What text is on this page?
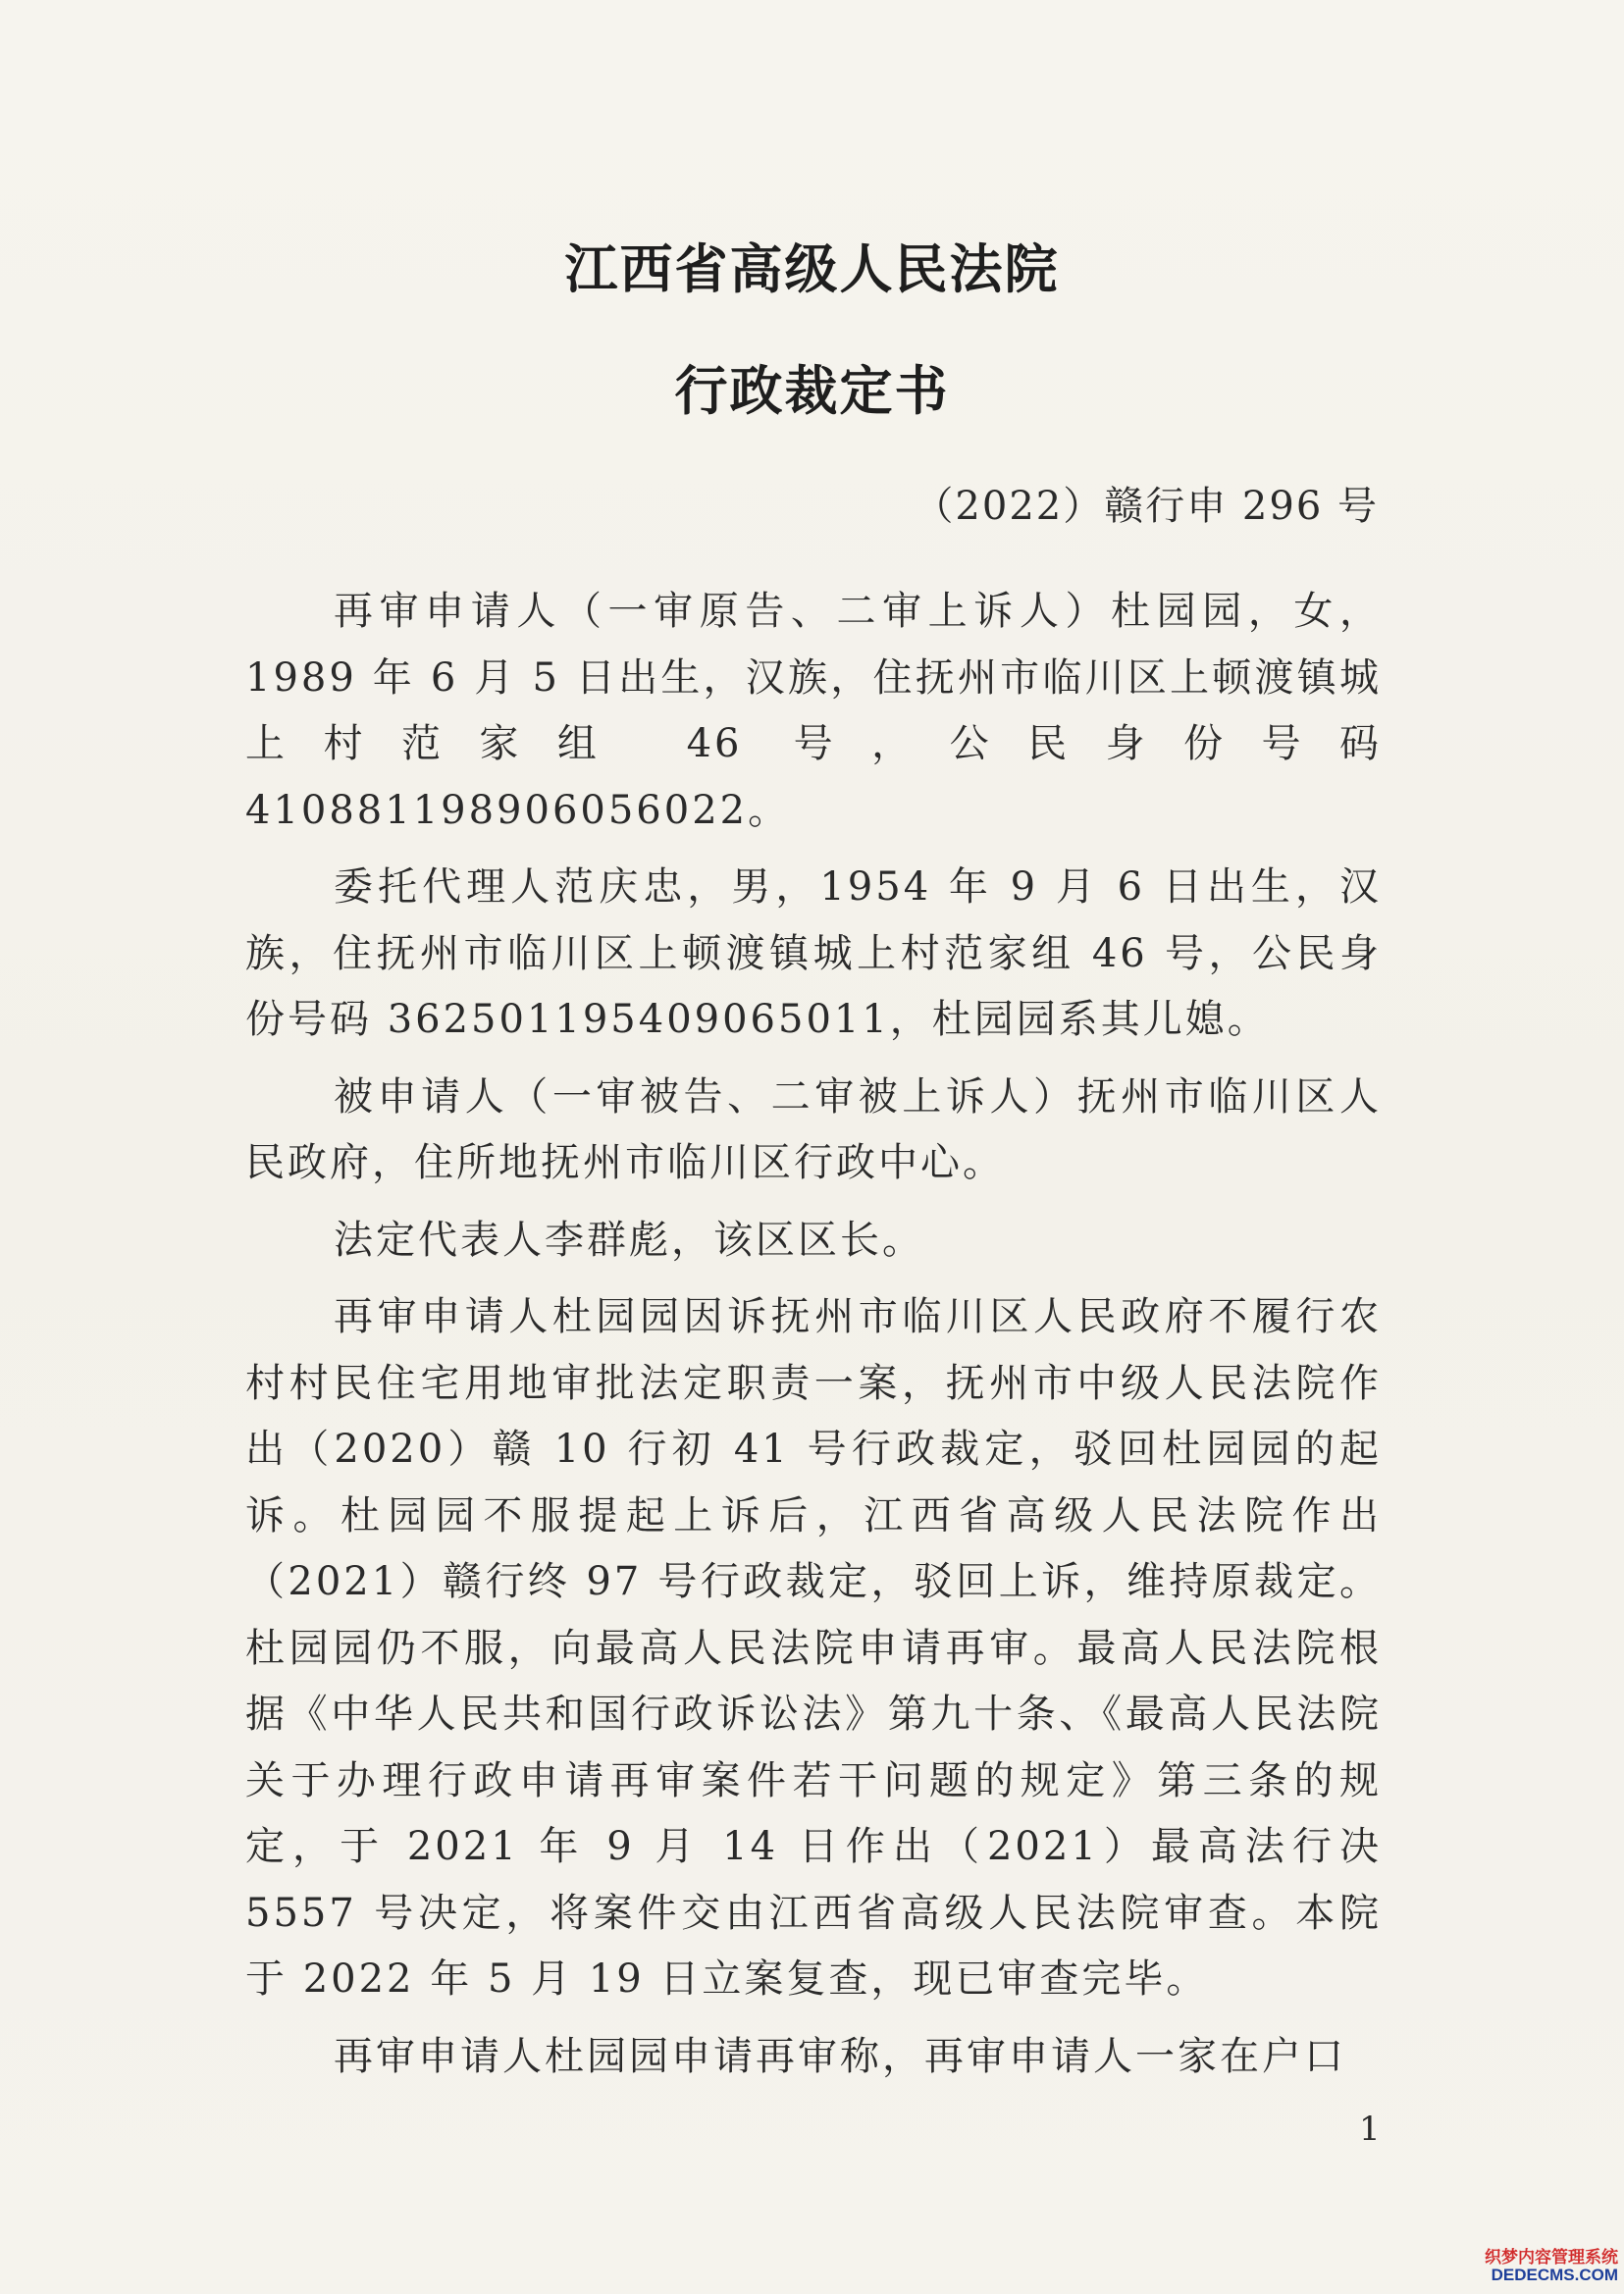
江西省高级人民法院
行政裁定书
（2022）赣行申 296 号

再审申请人（一审原告、二审上诉人）杜园园，女，1989 年 6 月 5 日出生，汉族，住抚州市临川区上顿渡镇城上村范家组 46 号，公民身份号码 410881198906056022。

委托代理人范庆忠，男，1954 年 9 月 6 日出生，汉族，住抚州市临川区上顿渡镇城上村范家组 46 号，公民身份号码 362501195409065011，杜园园系其儿媳。

被申请人（一审被告、二审被上诉人）抚州市临川区人民政府，住所地抚州市临川区行政中心。

法定代表人李群彪，该区区长。

再审申请人杜园园因诉抚州市临川区人民政府不履行农村村民住宅用地审批法定职责一案，抚州市中级人民法院作出（2020）赣 10 行初 41 号行政裁定，驳回杜园园的起诉。杜园园不服提起上诉后，江西省高级人民法院作出（2021）赣行终 97 号行政裁定，驳回上诉，维持原裁定。杜园园仍不服，向最高人民法院申请再审。最高人民法院根据《中华人民共和国行政诉讼法》第九十条、《最高人民法院关于办理行政申请再审案件若干问题的规定》第三条的规定，于 2021 年 9 月 14 日作出（2021）最高法行决 5557 号决定，将案件交由江西省高级人民法院审查。本院于 2022 年 5 月 19 日立案复查，现已审查完毕。

再审申请人杜园园申请再审称，再审申请人一家在户口

1
织梦内容管理系统
DEDECMS.COM
